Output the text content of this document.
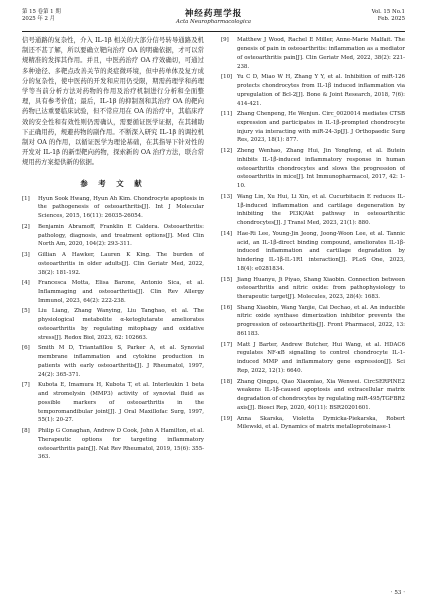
第 15 卷第 1 期
2025 年 2 月
神经药理学报
Acta Neuropharmacologica
Vol. 15 No.1
Feb. 2025

信号通路的复杂性，介入 IL-1β 相关的大部分信号转导通路及机制还不甚了解，所以要确立靶向治疗 OA 的明确依据，才可以常规精准的发挥其作用。并且，中医药治疗 OA 疗效确切，可通过多种途径、多靶点改善关节的炎症微环境，但中药单体及复方成分的复杂性，使中医药的开发和应用仍受限，期需药理学和药理学等当前分析方法对药物的作用及治疗机制进行分析和全面整理，具有参考价值；最后，IL-1β 的抑制剂和其治疗 OA 的靶向药物已达重要临床试验，但不常应用在 OA 的治疗中，其临床疗效的安全性和有效性则仍需确认，需要循证医学证据，在其辅助下正确用药，规避药物的副作用。不断深入研究 IL-1β 的调控机制对 OA 的作用，以循证医学为理论基础，在其指导下针对性的开发对 IL-1β 的新型靶向药物，探索新的 OA 治疗方法，联合常规用药方案提供新的依据。

参 考 文 献
[1]	Hyun Sook Hwang, Hyun Ah Kim. Chondrocyte apoptosis in the pathogenesis of osteoarthritis[J]. Int J Molecular Sciences, 2015, 16(11): 26035-26054.
[2]	Benjamin Abramoff, Franklin E Caldera. Osteoarthritis: pathology, diagnosis, and treatment options[J]. Med Clin North Am, 2020, 104(2): 293-311.
[3]	Gillian A Hawker, Lauren K King. The burden of osteoarthritis in older adults[J]. Clin Geriatr Med, 2022, 38(2): 181-192.
[4]	Francesca Motta, Elisa Barone, Antonio Sica, et al. Inflammaging and osteoarthritis[J]. Clin Rev Allergy Immunol, 2023, 64(2): 222-238.
[5]	Liu Liang, Zhang Wanying, Liu Tanghao, et al. The physiological metabolite α-ketoglutarate ameliorates osteoarthritis by regulating mitophagy and oxidative stress[J]. Redox Biol, 2023, 62: 102663.
[6]	Smith M D, Triantafillou S, Parker A, et al. Synovial membrane inflammation and cytokine production in patients with early osteoarthritis[J]. J Rheumatol, 1997, 24(2): 365-371.
[7]	Kubota E, Imamura H, Kubota T, et al. Interleukin 1 beta and stromelysin (MMP3) activity of synovial fluid as possible markers of osteoarthritis in the temporomandibular joint[J]. J Oral Maxillofac Surg, 1997, 55(1): 20-27.
[8]	Philip G Conaghan, Andrew D Cook, John A Hamilton, et al. Therapeutic options for targeting inflammatory osteoarthritis pain[J]. Nat Rev Rheumatol, 2019, 15(6): 355-363.
[9]	Matthew J Wood, Rachel E Miller, Anne-Marie Malfait. The genesis of pain in osteoarthritis: inflammation as a mediator of osteoarthritis pain[J]. Clin Geriatr Med, 2022, 38(2): 221-238.
[10] Yu C D, Miao W H, Zhang Y Y, et al. Inhibition of miR-126 protects chondrocytes from IL-1β induced inflammation via upregulation of Bcl-2[J]. Bone & Joint Research, 2018, 7(6): 414-421.
[11] Zhang Chenpeng, He Wenjun. Circ_0020014 mediates CTSB expression and participates in IL-1β-prompted chondrocyte injury via interacting with miR-24-3p[J]. J Orthopaedic Surg Res, 2023, 18(1): 877.
[12] Zheng Wenhao, Zhang Hui, Jin Yongfeng, et al. Butein inhibits IL-1β-induced inflammatory response in human osteoarthritis chondrocytes and slows the progression of osteoarthritis in mice[J]. Int Immunopharmacol, 2017, 42: 1-10.
[13] Wang Lin, Xu Hui, Li Xin, et al. Cucurbitacin E reduces IL-1β-induced inflammation and cartilage degeneration by inhibiting the PI3K/Akt pathway in osteoarthritic chondrocytes[J]. J Transl Med, 2023, 21(1): 880.
[14] Hae-Ri Lee, Young-Jin Jeong, Joong-Woon Lee, et al. Tannic acid, an IL-1β-direct binding compound, ameliorates IL-1β-induced inflammation and cartilage degradation by hindering IL-1β-IL-1R1 interaction[J]. PLoS One, 2023, 18(4): e0281834.
[15] Jiang Huanyu, Ji Piyao, Shang Xiaobin. Connection between osteoarthritis and nitric oxide: from pathophysiology to therapeutic target[J]. Molecules, 2023, 28(4): 1683.
[16] Shang Xiaobin, Wang Yanjie, Cai Dechao, et al. An inducible nitric oxide synthase dimerization inhibitor prevents the progression of osteoarthritis[J]. Front Pharmacol, 2022, 13: 861183.
[17] Matt J Barter, Andrew Butcher, Hui Wang, et al. HDAC6 regulates NF-κB signalling to control chondrocyte IL-1-induced MMP and inflammatory gene expression[J]. Sci Rep, 2022, 12(1): 6640.
[18] Zhang Qingpu, Qiao Xiaomiao, Xia Wenwei. CircSERPINE2 weakens IL-1β-caused apoptosis and extracellular matrix degradation of chondrocytes by regulating miR-495/TGFBR2 axis[J]. Biosci Rep, 2020, 40(11): BSR20201601.
[19] Anna Skarska, Violetta Dymicka-Piekarska, Robert Milewski, et al. Dynamics of matrix metalloproteinase-1
· 53 ·
